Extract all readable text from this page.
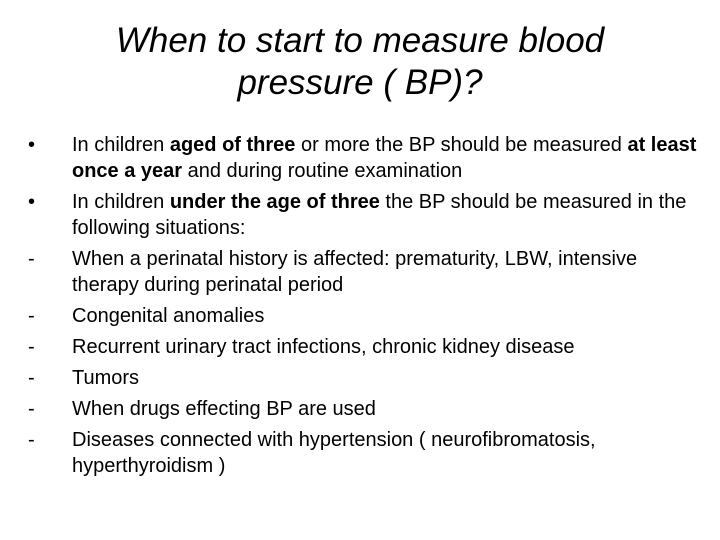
When to start to measure blood
pressure ( BP)?
•	In children aged of three or more the BP should be measured at least once a year and during routine examination
•	In children under the age of three the BP should be measured in the following situations:
-	When a perinatal history is affected: prematurity, LBW, intensive therapy during perinatal period
-	Congenital anomalies
-	Recurrent urinary tract infections, chronic kidney disease
-	Tumors
-	When drugs effecting BP are used
-	Diseases connected with hypertension ( neurofibromatosis, hyperthyroidism )
